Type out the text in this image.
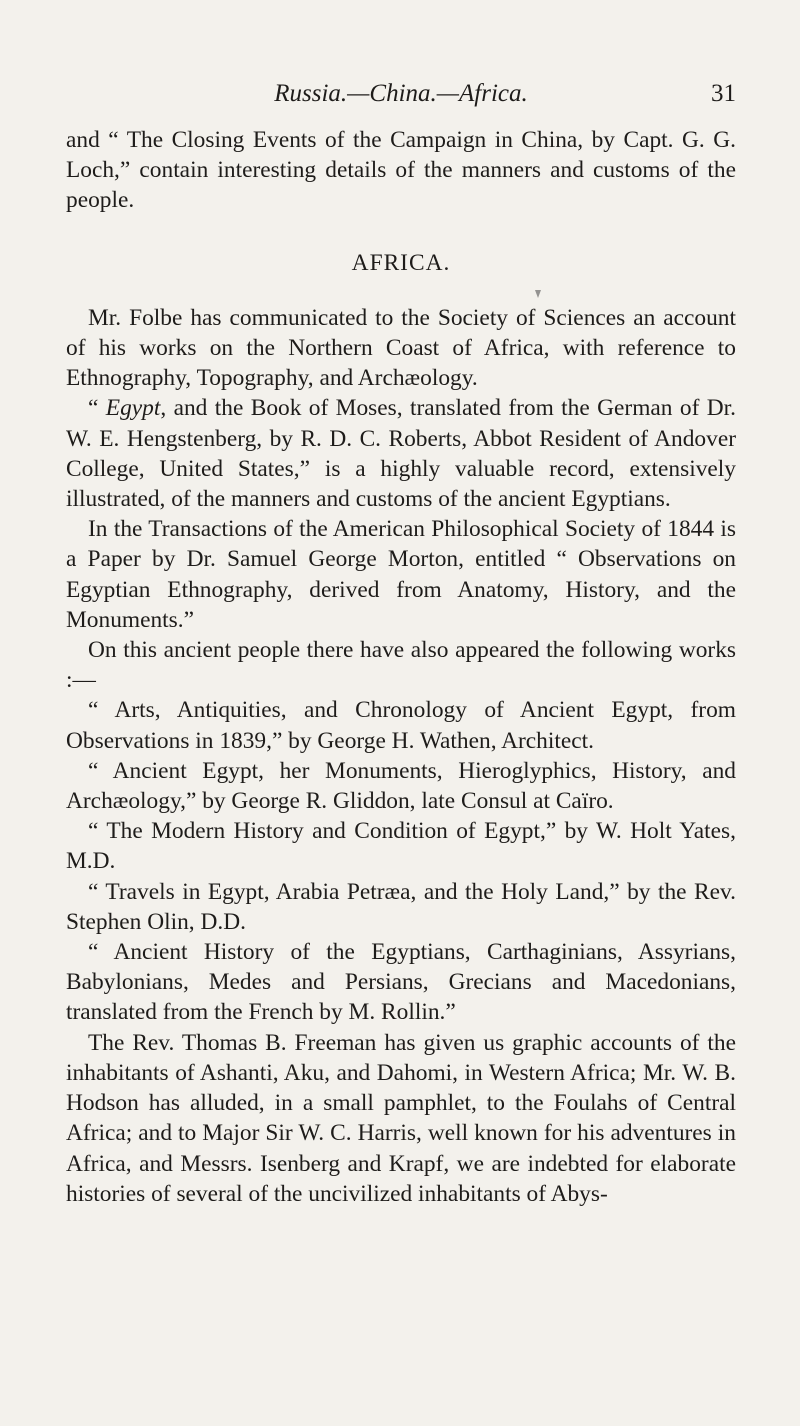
Russia.—China.—Africa.	31

and “ The Closing Events of the Campaign in China, by Capt. G. G. Loch,” contain interesting details of the manners and customs of the people.

AFRICA.

Mr. Folbe has communicated to the Society of Sciences an account of his works on the Northern Coast of Africa, with reference to Ethnography, Topography, and Archæology.

“ Egypt, and the Book of Moses, translated from the German of Dr. W. E. Hengstenberg, by R. D. C. Roberts, Abbot Resident of Andover College, United States,” is a highly valuable record, extensively illustrated, of the manners and customs of the ancient Egyptians.

In the Transactions of the American Philosophical Society of 1844 is a Paper by Dr. Samuel George Morton, entitled “ Observations on Egyptian Ethnography, derived from Anatomy, History, and the Monuments.”

On this ancient people there have also appeared the following works :—

“ Arts, Antiquities, and Chronology of Ancient Egypt, from Observations in 1839,” by George H. Wathen, Architect.

“ Ancient Egypt, her Monuments, Hieroglyphics, History, and Archæology,” by George R. Gliddon, late Consul at Caïro.

“ The Modern History and Condition of Egypt,” by W. Holt Yates, M.D.

“ Travels in Egypt, Arabia Petræa, and the Holy Land,” by the Rev. Stephen Olin, D.D.

“ Ancient History of the Egyptians, Carthaginians, Assyrians, Babylonians, Medes and Persians, Grecians and Macedonians, translated from the French by M. Rollin.”

The Rev. Thomas B. Freeman has given us graphic accounts of the inhabitants of Ashanti, Aku, and Dahomi, in Western Africa; Mr. W. B. Hodson has alluded, in a small pamphlet, to the Foulahs of Central Africa; and to Major Sir W. C. Harris, well known for his adventures in Africa, and Messrs. Isenberg and Krapf, we are indebted for elaborate histories of several of the uncivilized inhabitants of Abys-
